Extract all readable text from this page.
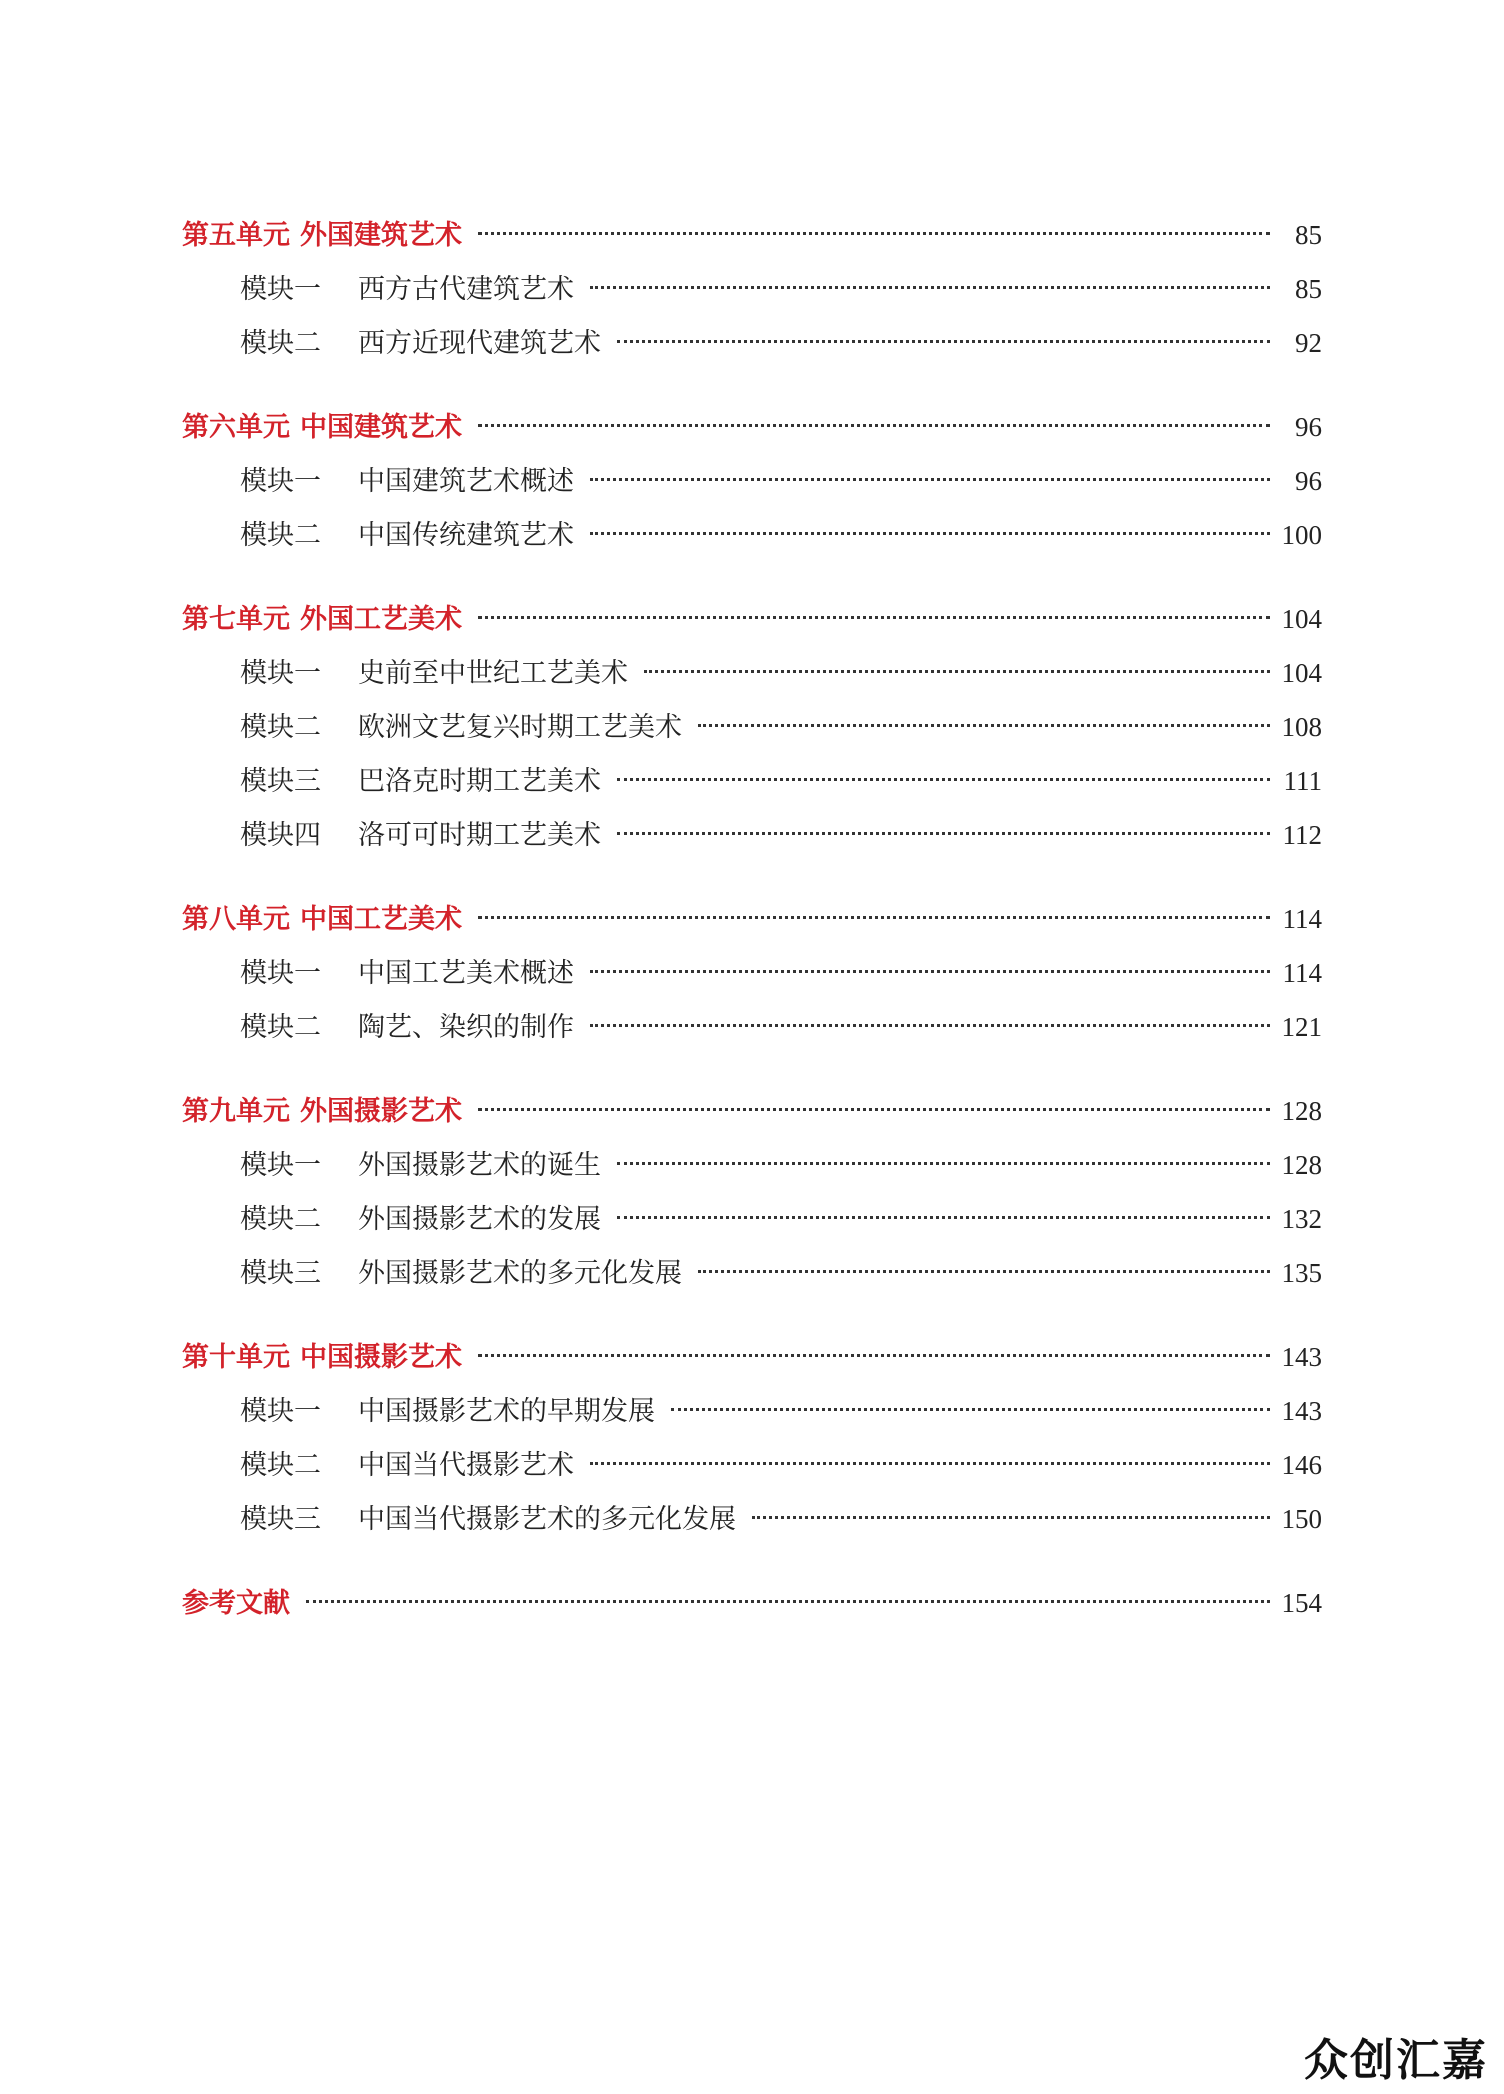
第五单元 外国建筑艺术	85
模块一	西方古代建筑艺术	85
模块二	西方近现代建筑艺术	92
第六单元 中国建筑艺术	96
模块一	中国建筑艺术概述	96
模块二	中国传统建筑艺术	100
第七单元 外国工艺美术	104
模块一	史前至中世纪工艺美术	104
模块二	欧洲文艺复兴时期工艺美术	108
模块三	巴洛克时期工艺美术	111
模块四	洛可可时期工艺美术	112
第八单元 中国工艺美术	114
模块一	中国工艺美术概述	114
模块二	陶艺、染织的制作	121
第九单元 外国摄影艺术	128
模块一	外国摄影艺术的诞生	128
模块二	外国摄影艺术的发展	132
模块三	外国摄影艺术的多元化发展	135
第十单元 中国摄影艺术	143
模块一	中国摄影艺术的早期发展	143
模块二	中国当代摄影艺术	146
模块三	中国当代摄影艺术的多元化发展	150
参考文献	154
众创汇嘉
